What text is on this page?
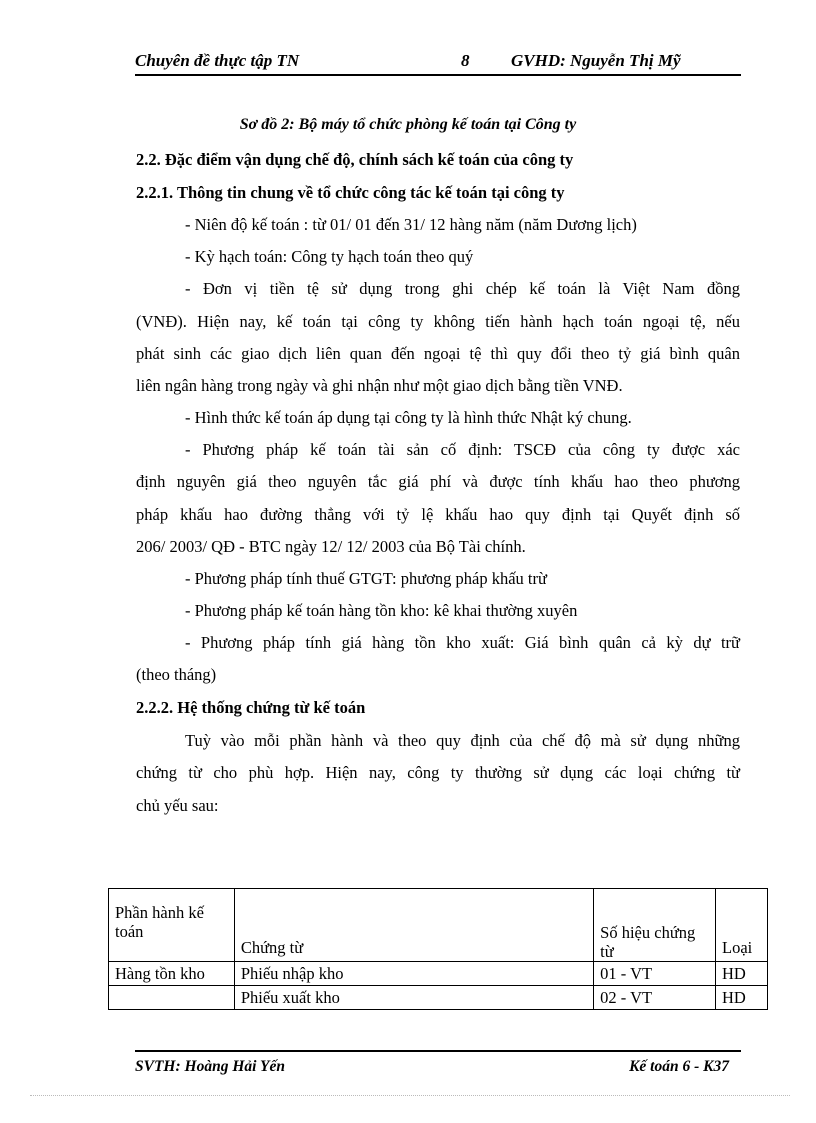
Chuyên đề thực tập TN	8 GVHD: Nguyễn Thị Mỹ
Sơ đồ 2: Bộ máy tổ chức phòng kế toán tại Công ty
2.2. Đặc điểm vận dụng chế độ, chính sách kế toán của công ty
2.2.1. Thông tin chung về tổ chức công tác kế toán tại công ty
- Niên độ kế toán : từ 01/ 01 đến 31/ 12 hàng năm (năm Dương lịch)
- Kỳ hạch toán: Công ty hạch toán theo quý
- Đơn vị tiền tệ sử dụng trong ghi chép kế toán là Việt Nam đồng
(VNĐ). Hiện nay, kế toán tại công ty không tiến hành hạch toán ngoại tệ, nếu
phát sinh các giao dịch liên quan đến ngoại tệ thì quy đổi theo tỷ giá bình quân
liên ngân hàng trong ngày và ghi nhận như một giao dịch bằng tiền VNĐ.
- Hình thức kế toán áp dụng tại công ty là hình thức Nhật ký chung.
- Phương pháp kế toán tài sản cố định: TSCĐ của công ty được xác
định nguyên giá theo nguyên tắc giá phí và được tính khấu hao theo phương
pháp khấu hao đường thẳng với tỷ lệ khấu hao quy định tại Quyết định số
206/ 2003/ QĐ - BTC ngày 12/ 12/ 2003 của Bộ Tài chính.
- Phương pháp tính thuế GTGT: phương pháp khấu trừ
- Phương pháp kế toán hàng tồn kho: kê khai thường xuyên
- Phương pháp tính giá hàng tồn kho xuất: Giá bình quân cả kỳ dự trữ
(theo tháng)
2.2.2. Hệ thống chứng từ kế toán
Tuỳ vào mỗi phần hành và theo quy định của chế độ mà sử dụng những
chứng từ cho phù hợp. Hiện nay, công ty thường sử dụng các loại chứng từ
chủ yếu sau:
Phần hành kế toán	Chứng từ	Số hiệu chứng từ	Loại
Hàng tồn kho	Phiếu nhập kho	01 - VT	HD
	Phiếu xuất kho	02 - VT	HD
SVTH: Hoàng Hải Yến	Kế toán 6 - K37
